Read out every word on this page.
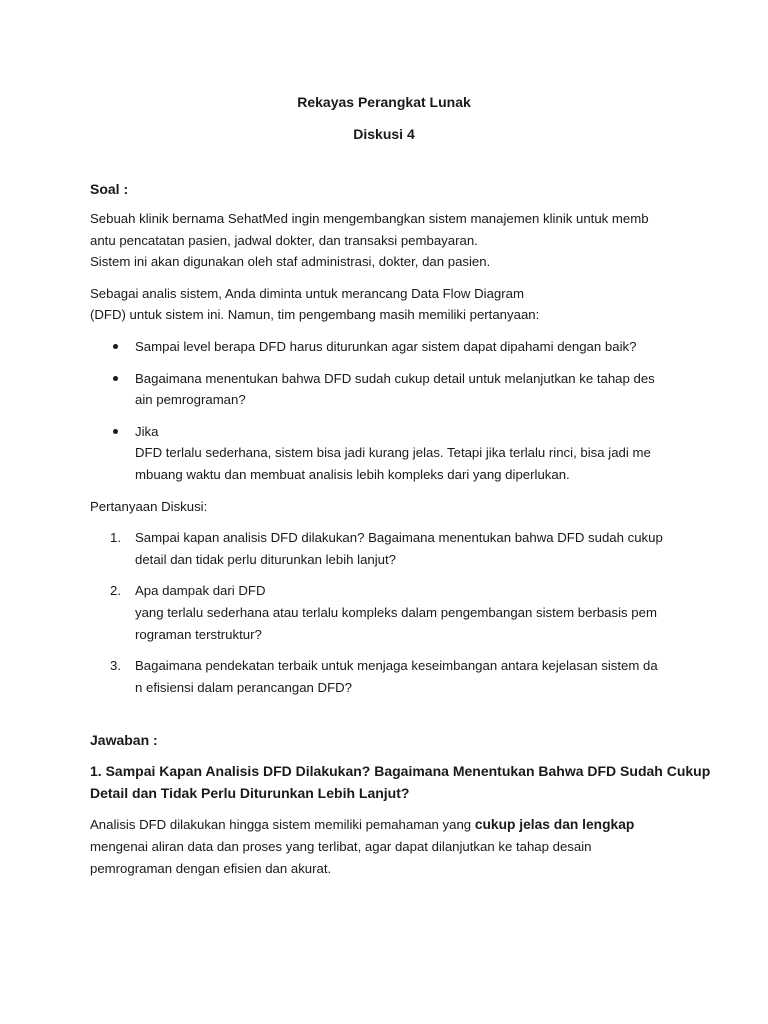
Rekayas Perangkat Lunak

Diskusi 4

Soal :

Sebuah klinik bernama SehatMed ingin mengembangkan sistem manajemen klinik untuk memb
antu pencatatan pasien, jadwal dokter, dan transaksi pembayaran.
Sistem ini akan digunakan oleh staf administrasi, dokter, dan pasien.

Sebagai analis sistem, Anda diminta untuk merancang Data Flow Diagram
(DFD) untuk sistem ini. Namun, tim pengembang masih memiliki pertanyaan:

Sampai level berapa DFD harus diturunkan agar sistem dapat dipahami dengan baik?
Bagaimana menentukan bahwa DFD sudah cukup detail untuk melanjutkan ke tahap des
ain pemrograman?
Jika
DFD terlalu sederhana, sistem bisa jadi kurang jelas. Tetapi jika terlalu rinci, bisa jadi me
mbuang waktu dan membuat analisis lebih kompleks dari yang diperlukan.

Pertanyaan Diskusi:

1. Sampai kapan analisis DFD dilakukan? Bagaimana menentukan bahwa DFD sudah cukup
detail dan tidak perlu diturunkan lebih lanjut?
2. Apa dampak dari DFD
yang terlalu sederhana atau terlalu kompleks dalam pengembangan sistem berbasis pem
rograman terstruktur?
3. Bagaimana pendekatan terbaik untuk menjaga keseimbangan antara kejelasan sistem da
n efisiensi dalam perancangan DFD?

Jawaban :

1. Sampai Kapan Analisis DFD Dilakukan? Bagaimana Menentukan Bahwa DFD Sudah Cukup
Detail dan Tidak Perlu Diturunkan Lebih Lanjut?

Analisis DFD dilakukan hingga sistem memiliki pemahaman yang cukup jelas dan lengkap
mengenai aliran data dan proses yang terlibat, agar dapat dilanjutkan ke tahap desain
pemrograman dengan efisien dan akurat.
